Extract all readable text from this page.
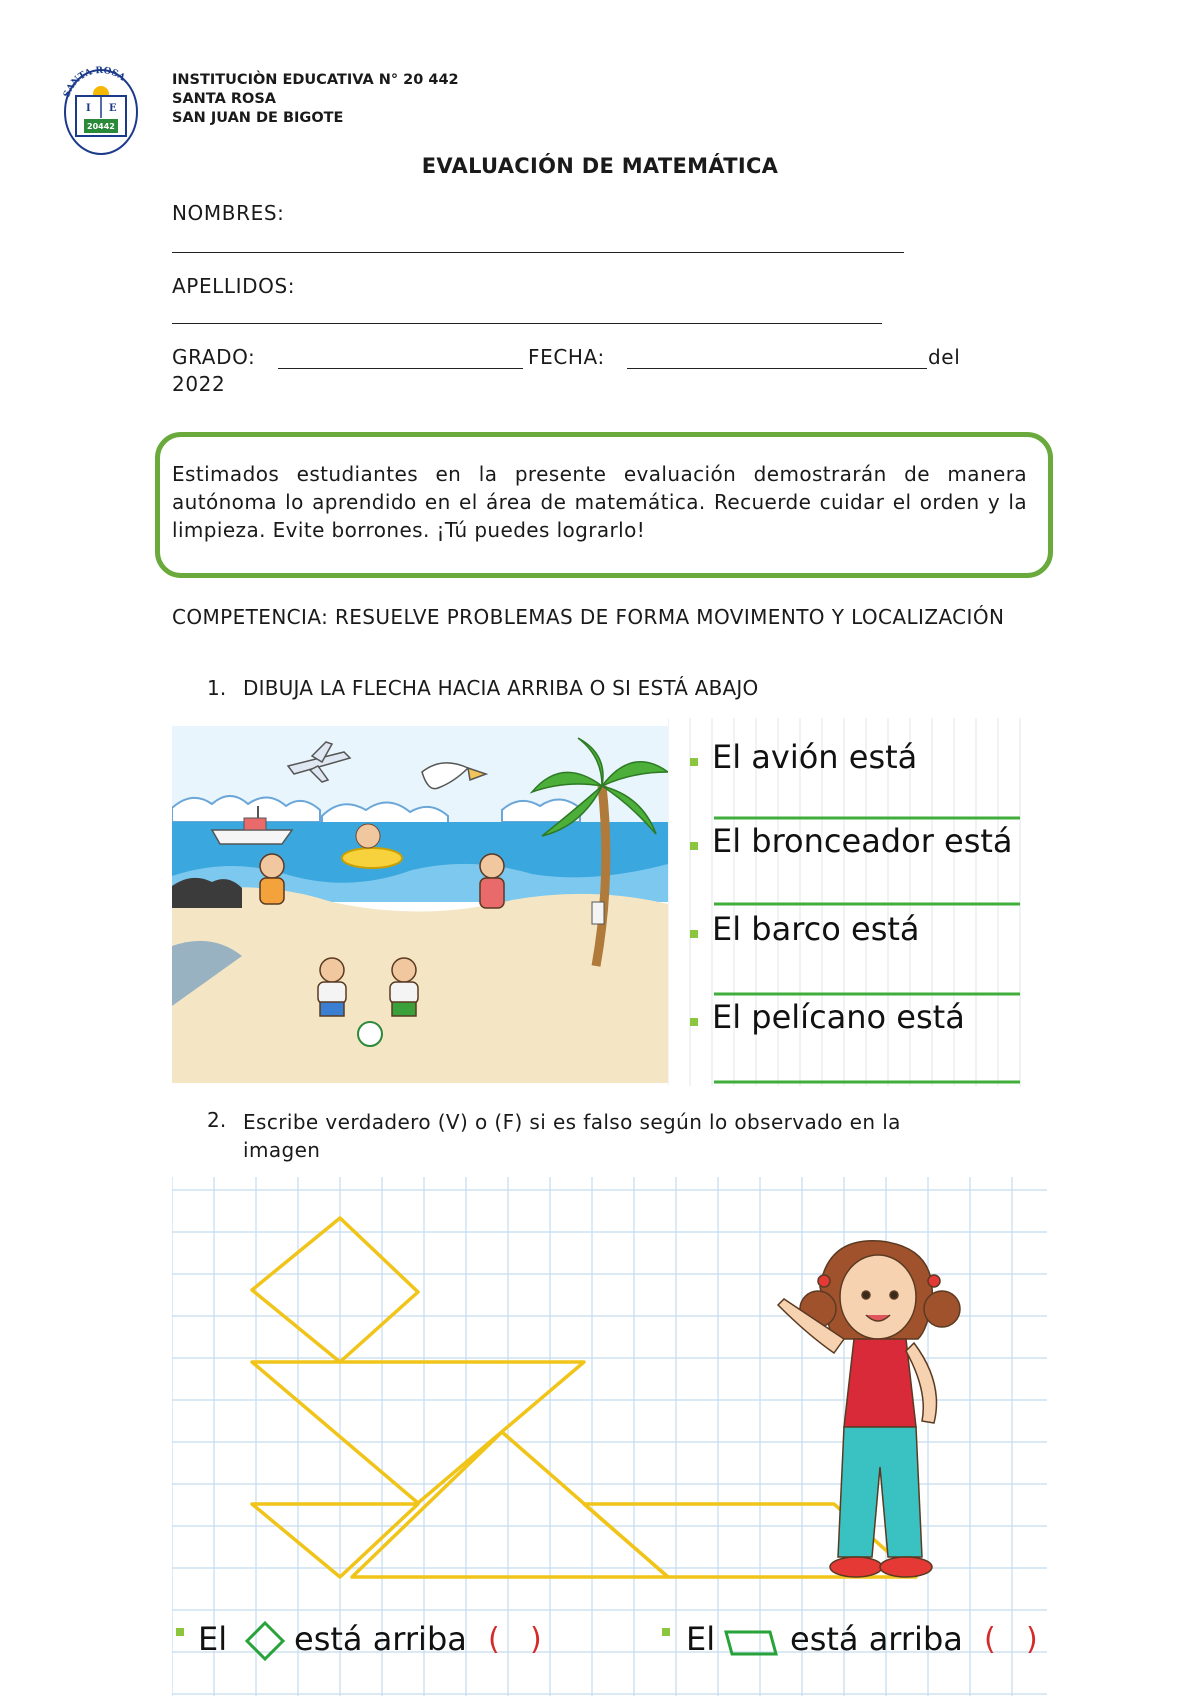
SANTA ROSA
I E
20442
INSTITUCIÒN EDUCATIVA N° 20 442
SANTA ROSA
SAN JUAN DE BIGOTE
EVALUACIÓN DE MATEMÁTICA
NOMBRES:
APELLIDOS:
GRADO:	FECHA:	del
2022
Estimados estudiantes en la presente evaluación demostrarán de manera autónoma lo aprendido en el área de matemática. Recuerde cuidar el orden y la limpieza. Evite borrones. ¡Tú puedes lograrlo!
COMPETENCIA: RESUELVE PROBLEMAS DE FORMA MOVIMENTO Y LOCALIZACIÓN
1. DIBUJA LA FLECHA HACIA ARRIBA O SI ESTÁ ABAJO
El avión está
El bronceador está
El barco está
El pelícano está
2. Escribe verdadero (V) o (F) si es falso según lo observado en la imagen
El está arriba ( )	El está arriba ( )
